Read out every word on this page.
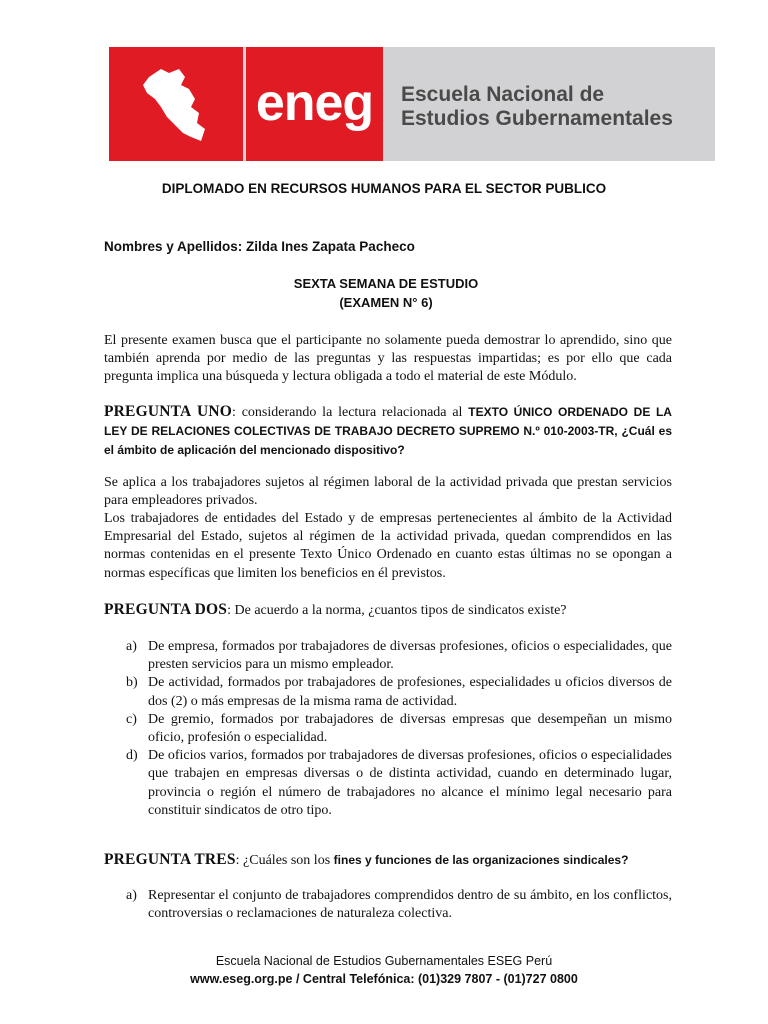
eneg	Escuela Nacional de
Estudios Gubernamentales
DIPLOMADO EN RECURSOS HUMANOS PARA EL SECTOR PUBLICO
Nombres y Apellidos: Zilda Ines Zapata Pacheco
SEXTA SEMANA DE ESTUDIO
(EXAMEN N° 6)
El presente examen busca que el participante no solamente pueda demostrar lo aprendido, sino que también aprenda por medio de las preguntas y las respuestas impartidas; es por ello que cada pregunta implica una búsqueda y lectura obligada a todo el material de este Módulo.
PREGUNTA UNO: considerando la lectura relacionada al TEXTO ÚNICO ORDENADO DE LA LEY DE RELACIONES COLECTIVAS DE TRABAJO DECRETO SUPREMO N.º 010-2003-TR, ¿Cuál es el ámbito de aplicación del mencionado dispositivo?
Se aplica a los trabajadores sujetos al régimen laboral de la actividad privada que prestan servicios para empleadores privados.
Los trabajadores de entidades del Estado y de empresas pertenecientes al ámbito de la Actividad Empresarial del Estado, sujetos al régimen de la actividad privada, quedan comprendidos en las normas contenidas en el presente Texto Único Ordenado en cuanto estas últimas no se opongan a normas específicas que limiten los beneficios en él previstos.
PREGUNTA DOS: De acuerdo a la norma, ¿cuantos tipos de sindicatos existe?
a) De empresa, formados por trabajadores de diversas profesiones, oficios o especialidades, que presten servicios para un mismo empleador.
b) De actividad, formados por trabajadores de profesiones, especialidades u oficios diversos de dos (2) o más empresas de la misma rama de actividad.
c) De gremio, formados por trabajadores de diversas empresas que desempeñan un mismo oficio, profesión o especialidad.
d) De oficios varios, formados por trabajadores de diversas profesiones, oficios o especialidades que trabajen en empresas diversas o de distinta actividad, cuando en determinado lugar, provincia o región el número de trabajadores no alcance el mínimo legal necesario para constituir sindicatos de otro tipo.
PREGUNTA TRES: ¿Cuáles son los fines y funciones de las organizaciones sindicales?
a) Representar el conjunto de trabajadores comprendidos dentro de su ámbito, en los conflictos, controversias o reclamaciones de naturaleza colectiva.
Escuela Nacional de Estudios Gubernamentales ESEG Perú
www.eseg.org.pe / Central Telefónica: (01)329 7807 - (01)727 0800
